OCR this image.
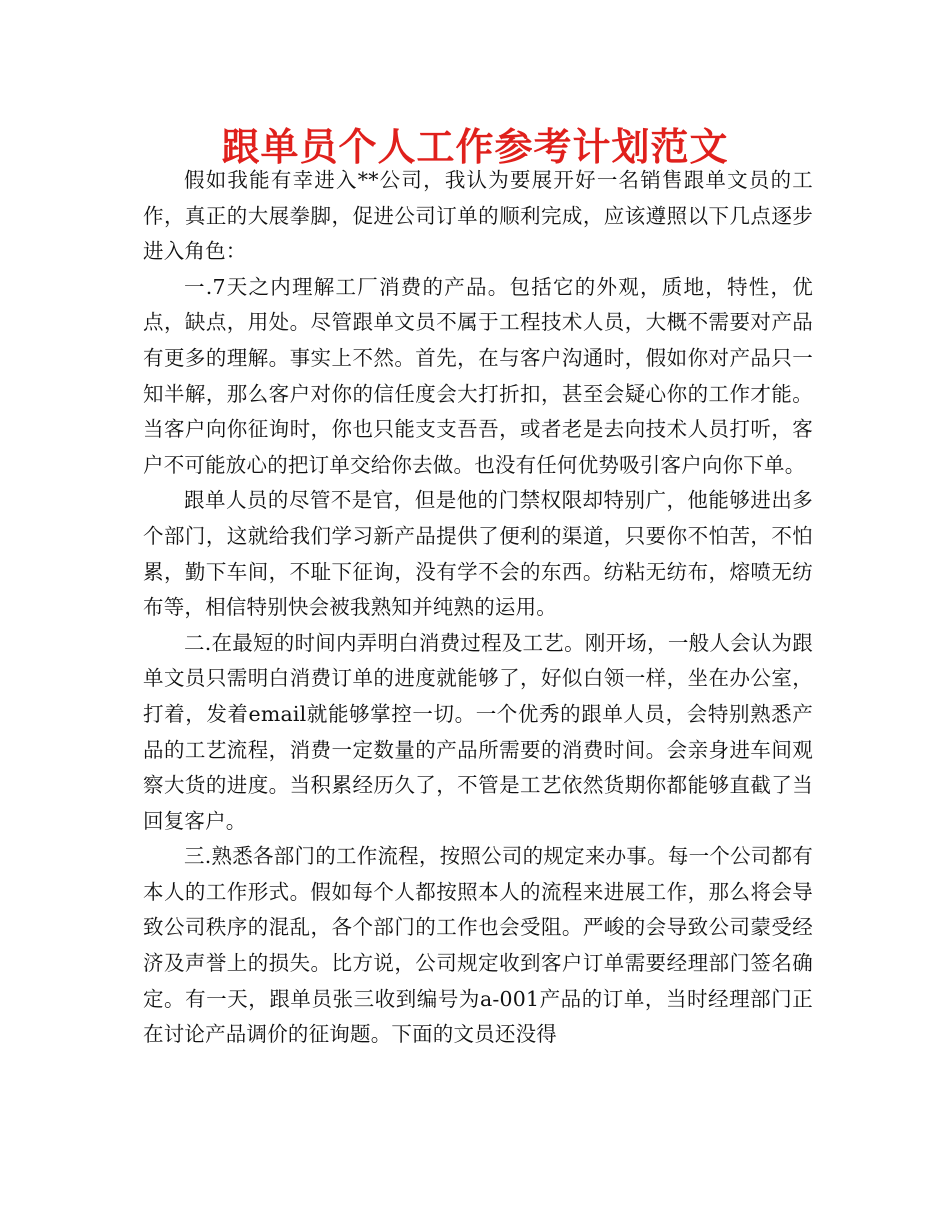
跟单员个人工作参考计划范文

假如我能有幸进入**公司，我认为要展开好一名销售跟单文员的工作，真正的大展拳脚，促进公司订单的顺利完成，应该遵照以下几点逐步进入角色：

一.7天之内理解工厂消费的产品。包括它的外观，质地，特性，优点，缺点，用处。尽管跟单文员不属于工程技术人员，大概不需要对产品有更多的理解。事实上不然。首先，在与客户沟通时，假如你对产品只一知半解，那么客户对你的信任度会大打折扣，甚至会疑心你的工作才能。当客户向你征询时，你也只能支支吾吾，或者老是去向技术人员打听，客户不可能放心的把订单交给你去做。也没有任何优势吸引客户向你下单。

跟单人员的尽管不是官，但是他的门禁权限却特别广，他能够进出多个部门，这就给我们学习新产品提供了便利的渠道，只要你不怕苦，不怕累，勤下车间，不耻下征询，没有学不会的东西。纺粘无纺布，熔喷无纺布等，相信特别快会被我熟知并纯熟的运用。

二.在最短的时间内弄明白消费过程及工艺。刚开场，一般人会认为跟单文员只需明白消费订单的进度就能够了，好似白领一样，坐在办公室，打着，发着email就能够掌控一切。一个优秀的跟单人员，会特别熟悉产品的工艺流程，消费一定数量的产品所需要的消费时间。会亲身进车间观察大货的进度。当积累经历久了，不管是工艺依然货期你都能够直截了当回复客户。

三.熟悉各部门的工作流程，按照公司的规定来办事。每一个公司都有本人的工作形式。假如每个人都按照本人的流程来进展工作，那么将会导致公司秩序的混乱，各个部门的工作也会受阻。严峻的会导致公司蒙受经济及声誉上的损失。比方说，公司规定收到客户订单需要经理部门签名确定。有一天，跟单员张三收到编号为a-001产品的订单，当时经理部门正在讨论产品调价的征询题。下面的文员还没得
